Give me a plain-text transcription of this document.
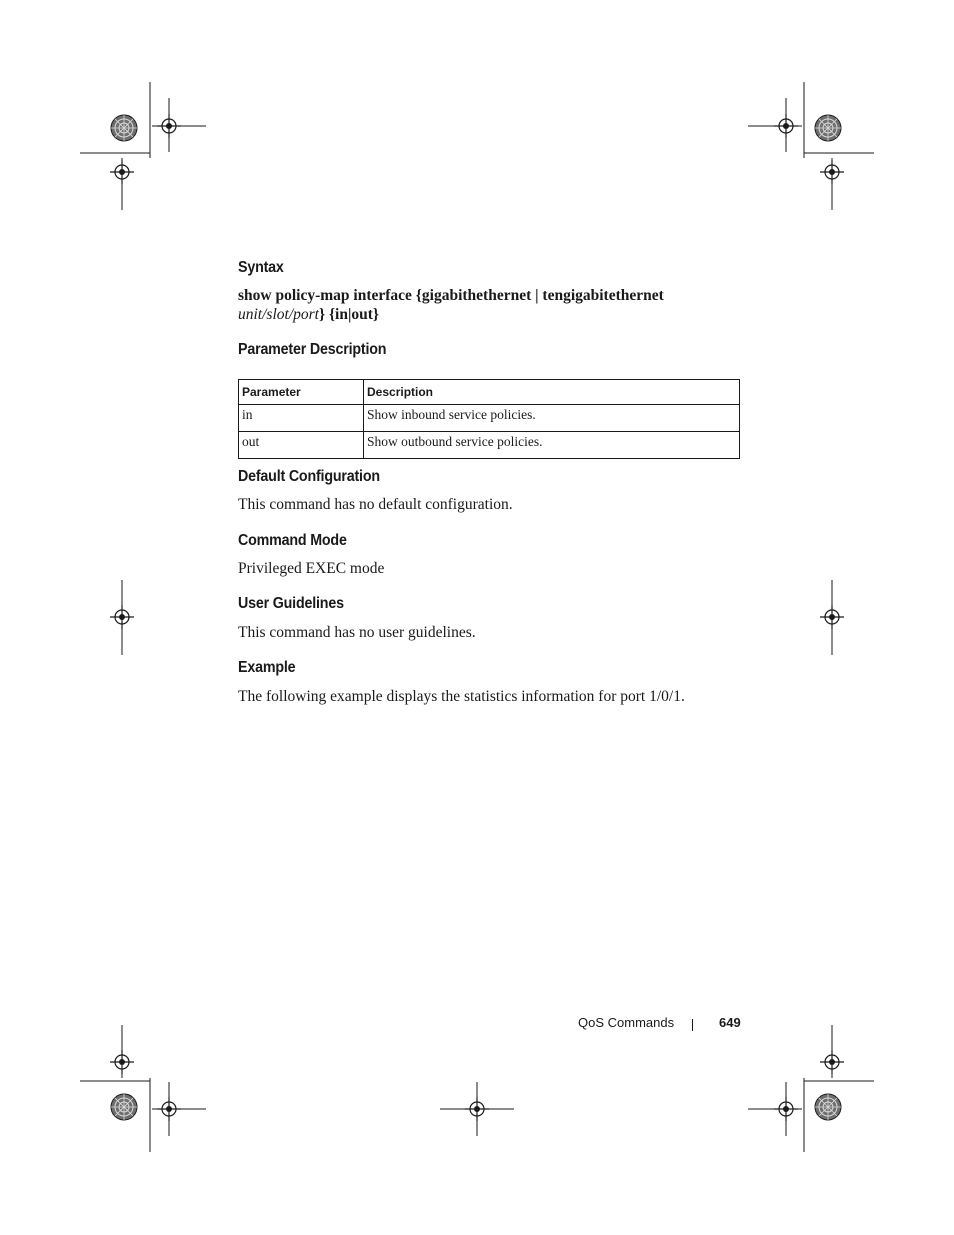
Syntax

show policy-map interface {gigabithethernet | tengigabitethernet
unit/slot/port} {in|out}

Parameter Description
Parameter	Description
in	Show inbound service policies.
out	Show outbound service policies.
Default Configuration

This command has no default configuration.

Command Mode

Privileged EXEC mode

User Guidelines

This command has no user guidelines.

Example

The following example displays the statistics information for port 1/0/1.

QoS Commands	649
